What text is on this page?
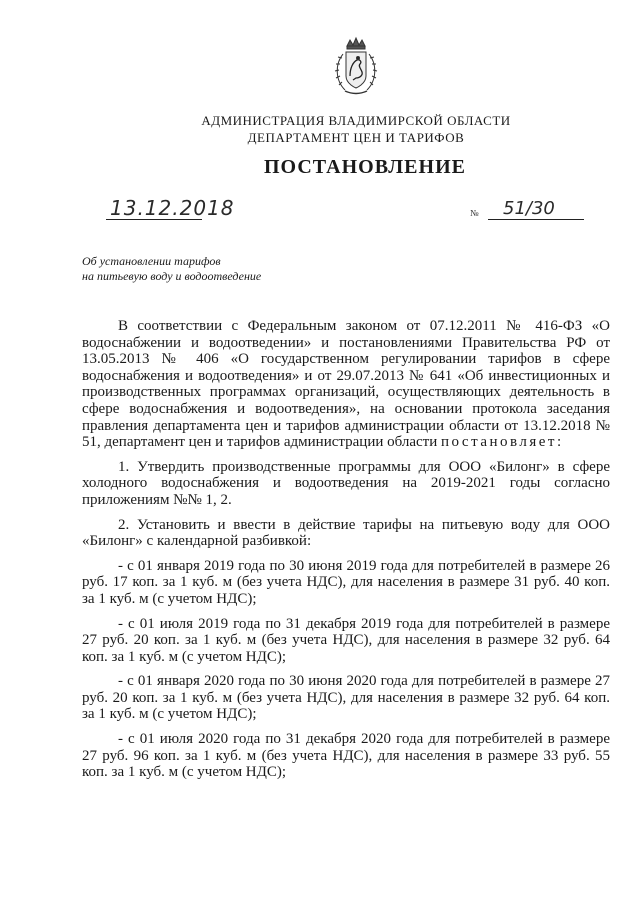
АДМИНИСТРАЦИЯ ВЛАДИМИРСКОЙ ОБЛАСТИ
ДЕПАРТАМЕНТ ЦЕН И ТАРИФОВ
ПОСТАНОВЛЕНИЕ
13.12.2018	№ 51/30
Об установлении тарифов
на питьевую воду и водоотведение

В соответствии с Федеральным законом от 07.12.2011 № 416-ФЗ «О водоснабжении и водоотведении» и постановлениями Правительства РФ от 13.05.2013 № 406 «О государственном регулировании тарифов в сфере водоснабжения и водоотведения» и от 29.07.2013 № 641 «Об инвестиционных и производственных программах организаций, осуществляющих деятельность в сфере водоснабжения и водоотведения», на основании протокола заседания правления департамента цен и тарифов администрации области от 13.12.2018 № 51, департамент цен и тарифов администрации области постановляет:

1. Утвердить производственные программы для ООО «Билонг» в сфере холодного водоснабжения и водоотведения на 2019-2021 годы согласно приложениям №№ 1, 2.

2. Установить и ввести в действие тарифы на питьевую воду для ООО «Билонг» с календарной разбивкой:

- с 01 января 2019 года по 30 июня 2019 года для потребителей в размере 26 руб. 17 коп. за 1 куб. м (без учета НДС), для населения в размере 31 руб. 40 коп. за 1 куб. м (с учетом НДС);

- с 01 июля 2019 года по 31 декабря 2019 года для потребителей в размере 27 руб. 20 коп. за 1 куб. м (без учета НДС), для населения в размере 32 руб. 64 коп. за 1 куб. м (с учетом НДС);

- с 01 января 2020 года по 30 июня 2020 года для потребителей в размере 27 руб. 20 коп. за 1 куб. м (без учета НДС), для населения в размере 32 руб. 64 коп. за 1 куб. м (с учетом НДС);

- с 01 июля 2020 года по 31 декабря 2020 года для потребителей в размере 27 руб. 96 коп. за 1 куб. м (без учета НДС), для населения в размере 33 руб. 55 коп. за 1 куб. м (с учетом НДС);
